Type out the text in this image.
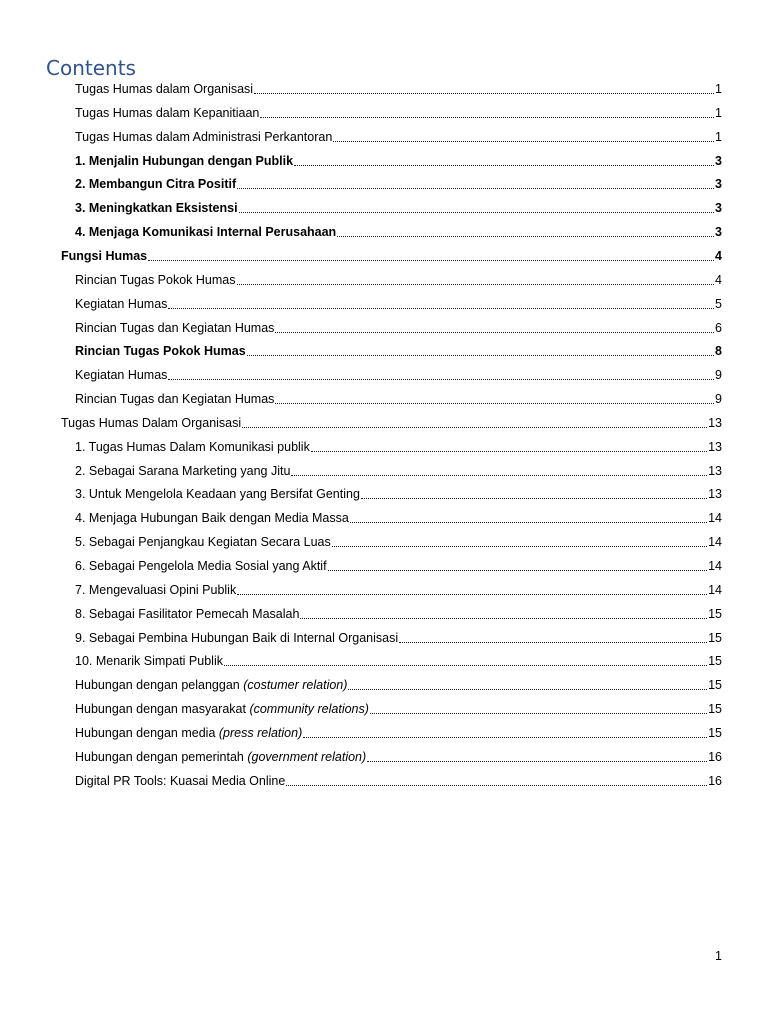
Contents
Tugas Humas dalam Organisasi	1
Tugas Humas dalam Kepanitiaan	1
Tugas Humas dalam Administrasi Perkantoran	1
1. Menjalin Hubungan dengan Publik	3
2. Membangun Citra Positif	3
3. Meningkatkan Eksistensi	3
4. Menjaga Komunikasi Internal Perusahaan	3
Fungsi Humas	4
Rincian Tugas Pokok Humas	4
Kegiatan Humas	5
Rincian Tugas dan Kegiatan Humas	6
Rincian Tugas Pokok Humas	8
Kegiatan Humas	9
Rincian Tugas dan Kegiatan Humas	9
Tugas Humas Dalam Organisasi	13
1. Tugas Humas Dalam Komunikasi publik	13
2. Sebagai Sarana Marketing yang Jitu	13
3. Untuk Mengelola Keadaan yang Bersifat Genting	13
4. Menjaga Hubungan Baik dengan Media Massa	14
5. Sebagai Penjangkau Kegiatan Secara Luas	14
6. Sebagai Pengelola Media Sosial yang Aktif	14
7. Mengevaluasi Opini Publik	14
8. Sebagai Fasilitator Pemecah Masalah	15
9. Sebagai Pembina Hubungan Baik di Internal Organisasi	15
10. Menarik Simpati Publik	15
Hubungan dengan pelanggan (costumer relation)	15
Hubungan dengan masyarakat (community relations)	15
Hubungan dengan media (press relation)	15
Hubungan dengan pemerintah (government relation)	16
Digital PR Tools: Kuasai Media Online	16
1
